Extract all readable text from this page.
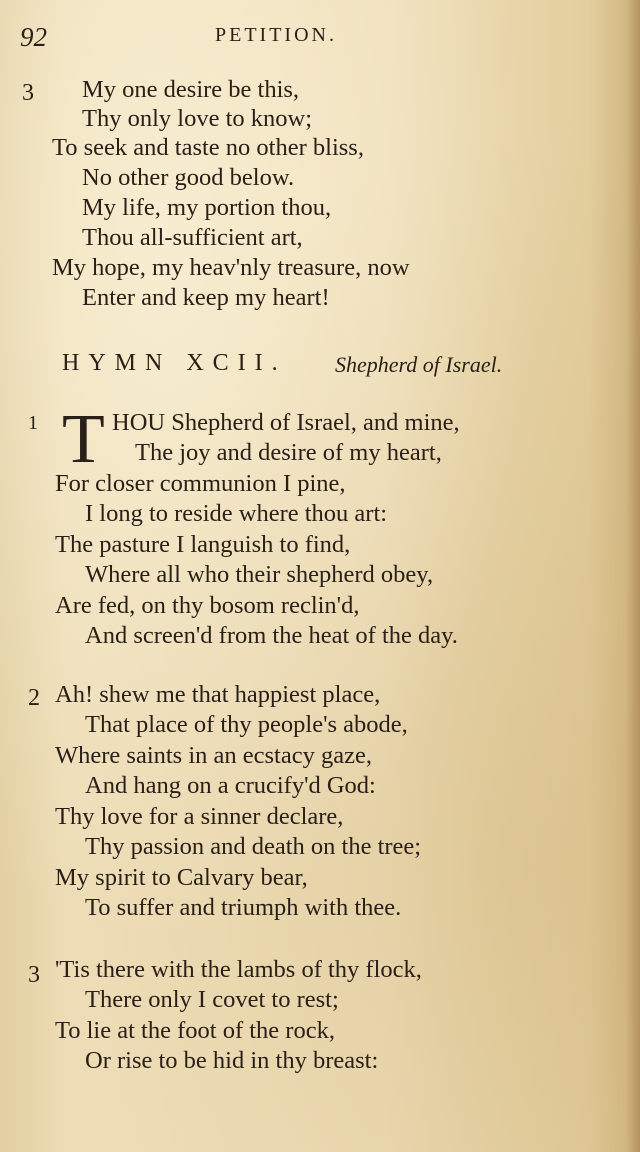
92	PETITION.
3 My one desire be this,
Thy only love to know;
To seek and taste no other bliss,
No other good below.
My life, my portion thou,
Thou all-sufficient art,
My hope, my heav'nly treasure, now
Enter and keep my heart!
HYMN XCII. Shepherd of Israel.
1 T HOU Shepherd of Israel, and mine,
The joy and desire of my heart,
For closer communion I pine,
I long to reside where thou art:
The pasture I languish to find,
Where all who their shepherd obey,
Are fed, on thy bosom reclin'd,
And screen'd from the heat of the day.
2 Ah! shew me that happiest place,
That place of thy people's abode,
Where saints in an ecstacy gaze,
And hang on a crucify'd God:
Thy love for a sinner declare,
Thy passion and death on the tree;
My spirit to Calvary bear,
To suffer and triumph with thee.
3 'Tis there with the lambs of thy flock,
There only I covet to rest;
To lie at the foot of the rock,
Or rise to be hid in thy breast:
